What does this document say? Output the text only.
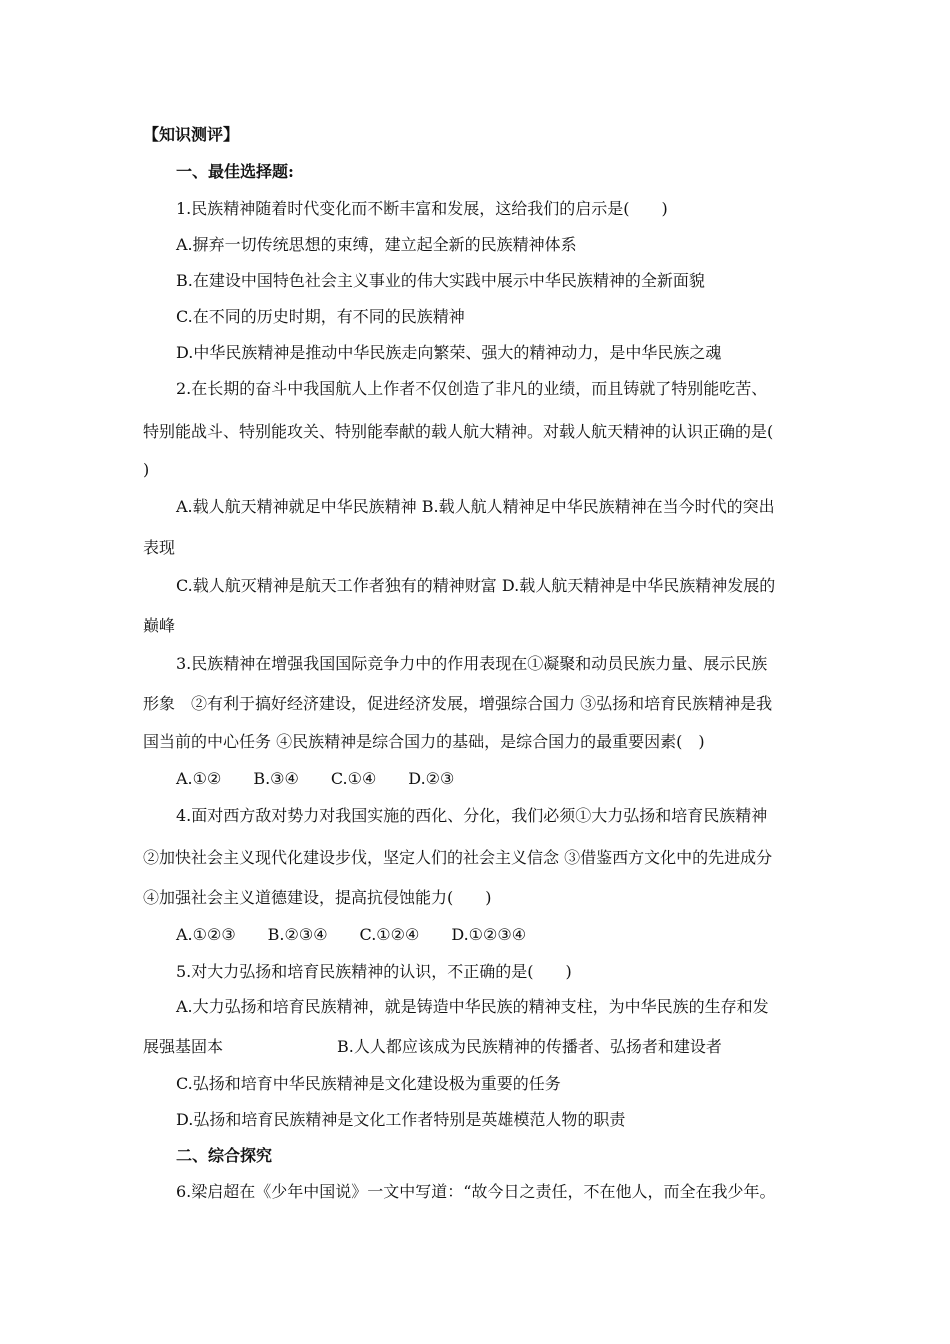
【知识测评】
一、最佳选择题:
1.民族精神随着时代变化而不断丰富和发展，这给我们的启示是(　　)
A.摒弃一切传统思想的束缚，建立起全新的民族精神体系
B.在建设中国特色社会主义事业的伟大实践中展示中华民族精神的全新面貌
C.在不同的历史时期，有不同的民族精神
D.中华民族精神是推动中华民族走向繁荣、强大的精神动力，是中华民族之魂
2.在长期的奋斗中我国航人上作者不仅创造了非凡的业绩，而且铸就了特别能吃苦、
特别能战斗、特别能攻关、特别能奉献的载人航大精神。对载人航天精神的认识正确的是(
)
A.载人航天精神就足中华民族精神 B.载人航人精神足中华民族精神在当今时代的突出
表现
C.载人航灭精神是航天工作者独有的精神财富 D.载人航天精神是中华民族精神发展的
巅峰
3.民族精神在增强我国国际竞争力中的作用表现在①凝聚和动员民族力量、展示民族
形象　②有利于搞好经济建设，促进经济发展，增强综合国力 ③弘扬和培育民族精神是我
国当前的中心任务 ④民族精神是综合国力的基础，是综合国力的最重要因素(　)
A.①②　　B.③④　　C.①④　　D.②③
4.面对西方敌对势力对我国实施的西化、分化，我们必须①大力弘扬和培育民族精神
②加快社会主义现代化建设步伐，坚定人们的社会主义信念 ③借鉴西方文化中的先进成分
④加强社会主义道德建设，提高抗侵蚀能力(　　)
A.①②③　　B.②③④　　C.①②④　　D.①②③④
5.对大力弘扬和培育民族精神的认识，不正确的是(　　)
A.大力弘扬和培育民族精神，就是铸造中华民族的精神支柱，为中华民族的生存和发
展强基固本	B.人人都应该成为民族精神的传播者、弘扬者和建设者
C.弘扬和培育中华民族精神是文化建设极为重要的任务
D.弘扬和培育民族精神是文化工作者特别是英雄模范人物的职责
二、综合探究
6.梁启超在《少年中国说》一文中写道：“故今日之责任，不在他人，而全在我少年。
